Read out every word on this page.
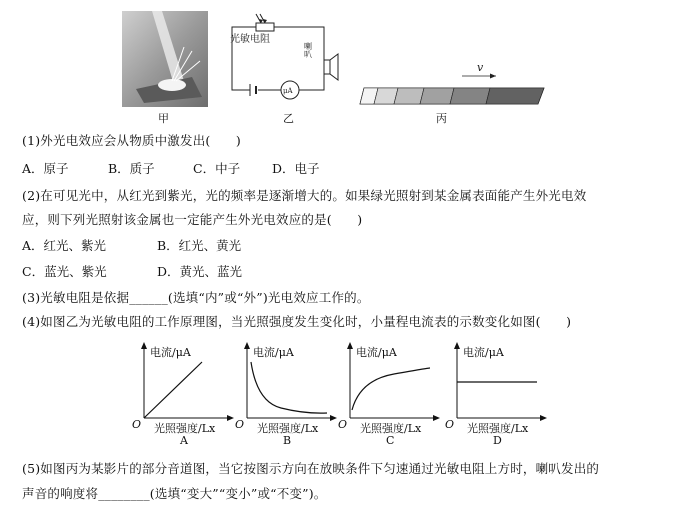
甲
光敏电阻
μA
喇叭
乙
v
丙
(1)外光电效应会从物质中激发出(　　)
A．原子	B．质子	C．中子	D．电子
(2)在可见光中，从红光到紫光，光的频率是逐渐增大的。如果绿光照射到某金属表面能产生外光电效
应，则下列光照射该金属也一定能产生外光电效应的是(　　)
A．红光、紫光	B．红光、黄光
C．蓝光、紫光	D．黄光、蓝光
(3)光敏电阻是依据______(选填“内”或“外”)光电效应工作的。
(4)如图乙为光敏电阻的工作原理图，当光照强度发生变化时，小量程电流表的示数变化如图(　　)
电流/μA
O 光照强度/Lx
A
电流/μA
O 光照强度/Lx
B
电流/μA
O 光照强度/Lx
C
电流/μA
O 光照强度/Lx
D
(5)如图丙为某影片的部分音道图，当它按图示方向在放映条件下匀速通过光敏电阻上方时，喇叭发出的
声音的响度将________(选填“变大”“变小”或“不变”)。
